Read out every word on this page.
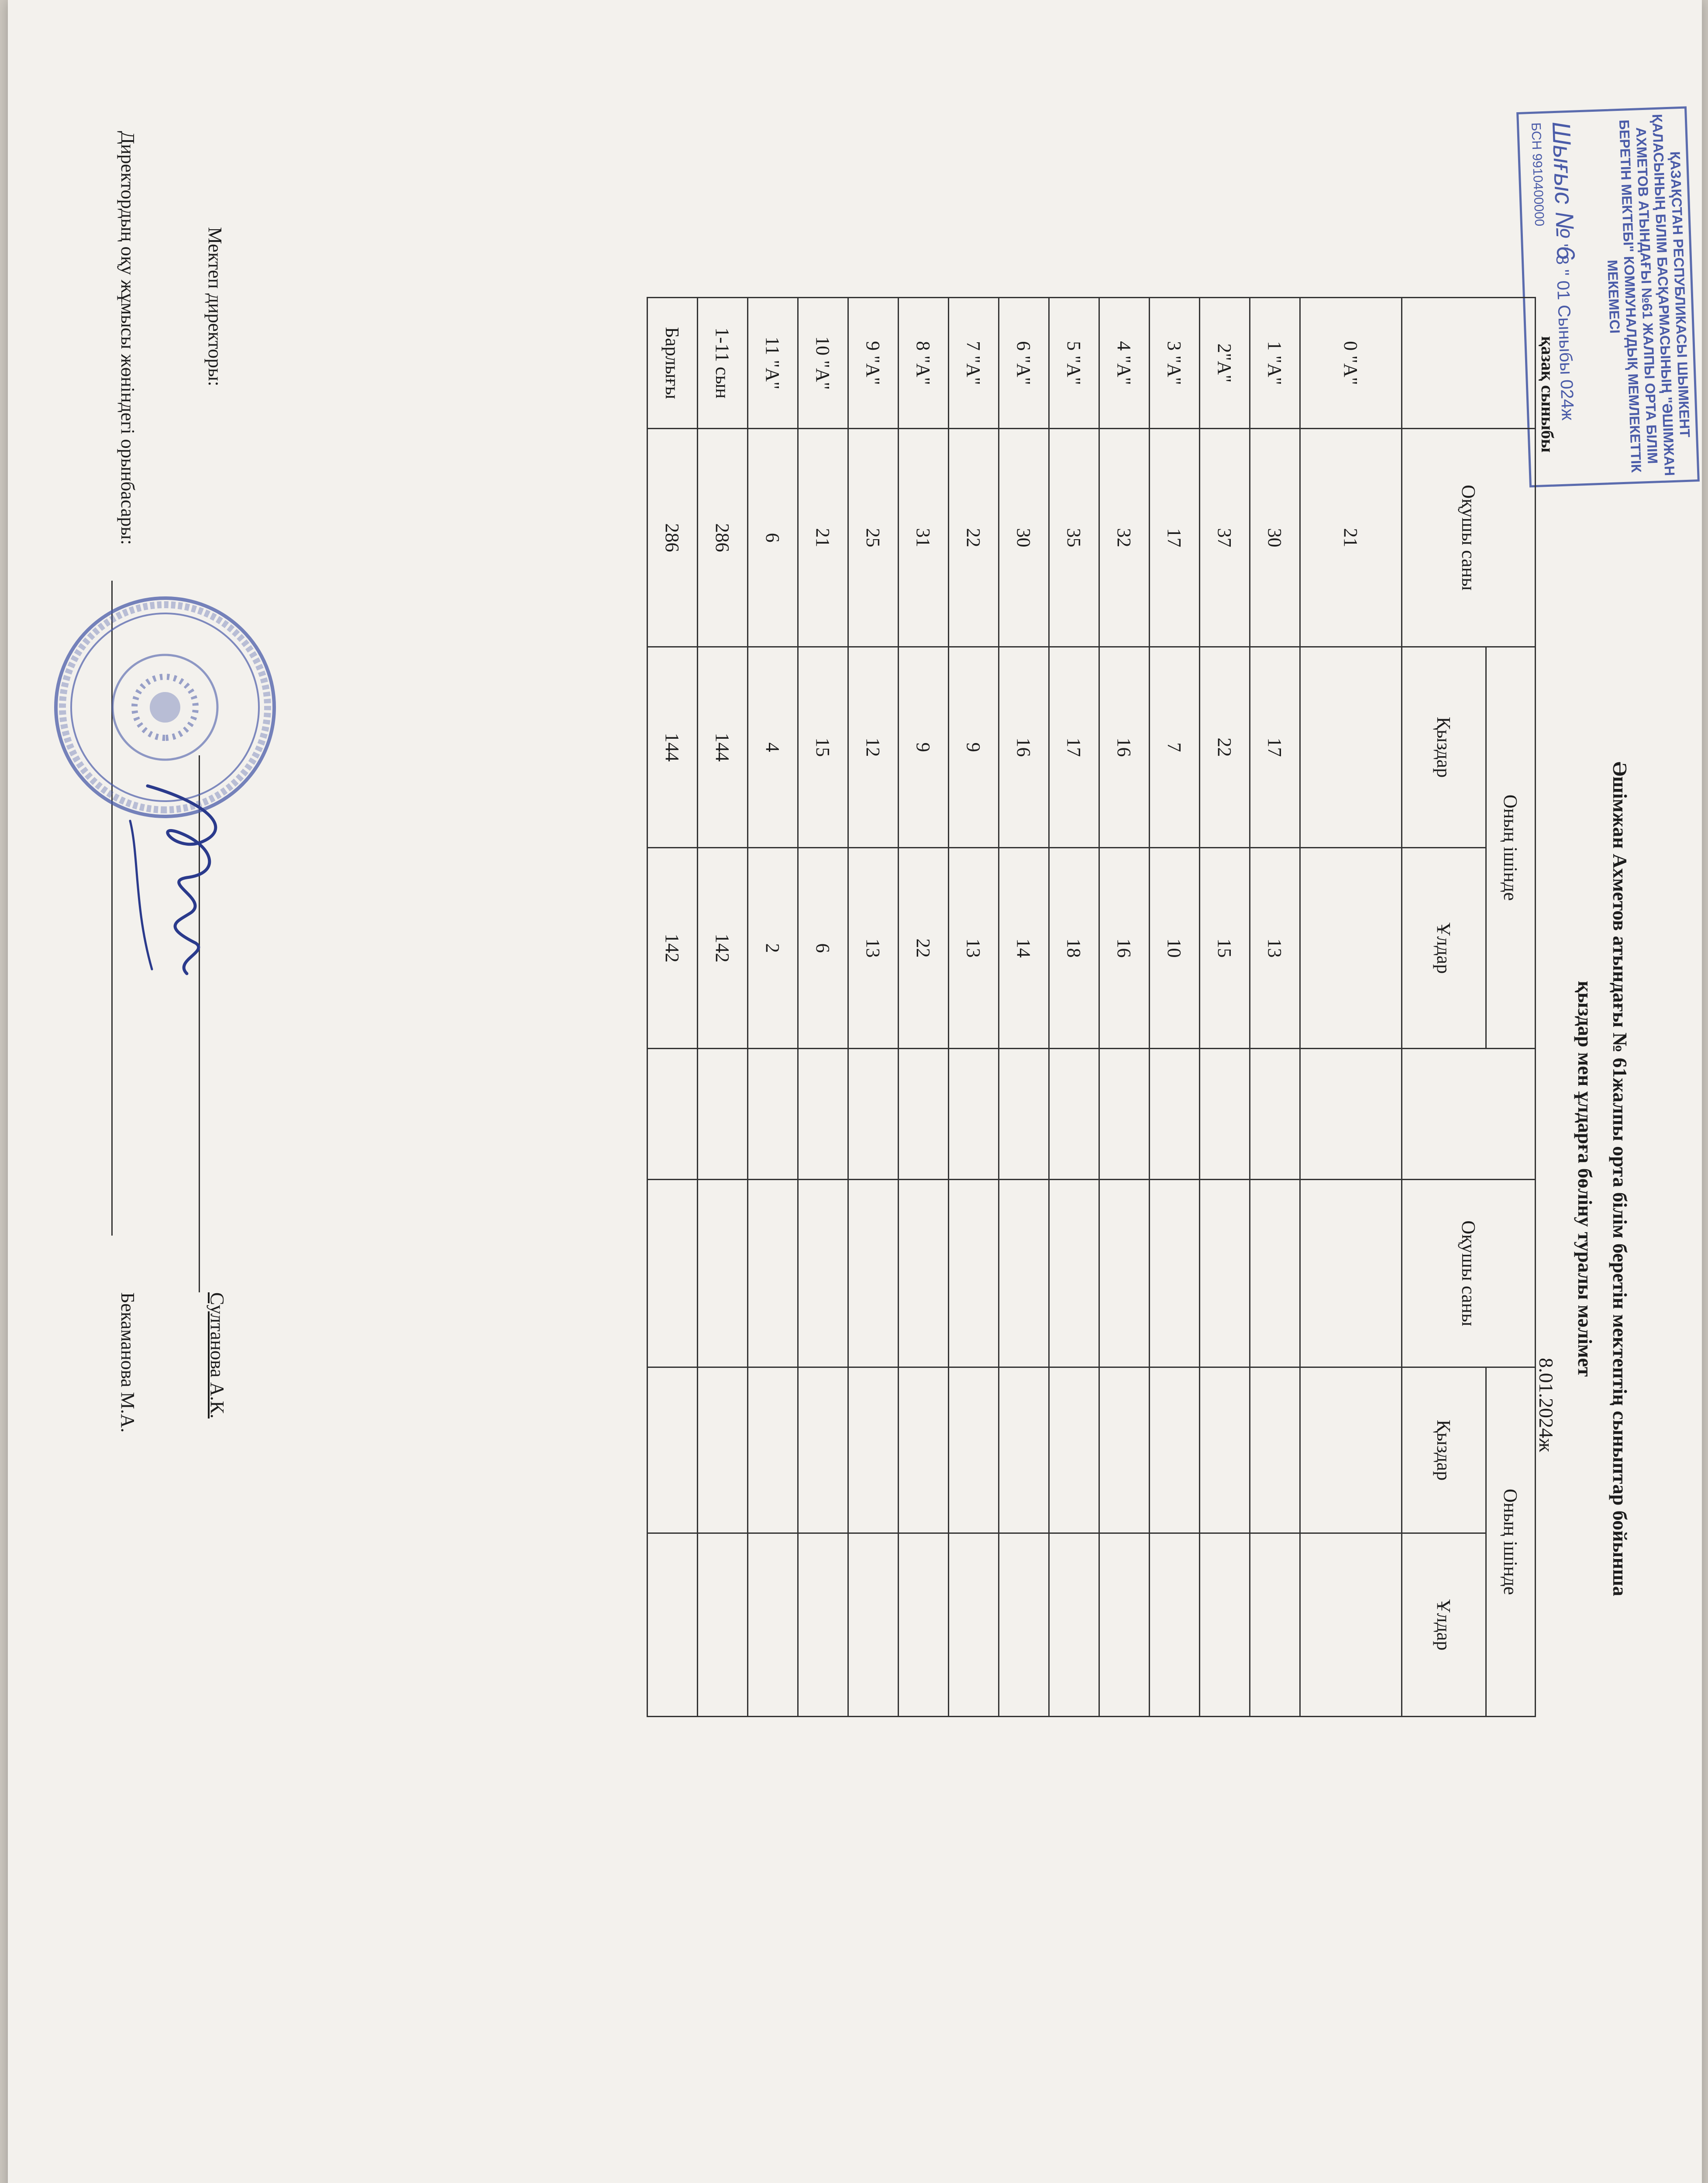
ҚАЗАҚСТАН РЕСПУБЛИКАСЫ ШЫМКЕНТ ҚАЛАСЫНЫҢ БІЛІМ БАСҚАРМАСЫНЫҢ "ӘШІМЖАН АХМЕТОВ АТЫНДАҒЫ №61 ЖАЛПЫ ОРТА БІЛІМ БЕРЕТІН МЕКТЕБІ" КОММУНАЛДЫҚ МЕМЛЕКЕТТІК МЕКЕМЕСІ
Шығыс № 6
" 8 " 01 Сыныбы 024ж
БСН 9910400000
Әшімжан Ахметов атындағы № 61жалпы орта білім беретін мектептің сыныптар бойынша
қыздар мен ұлдарға бөліну туралы мәлімет
қазақ сыныбы
8.01.2024ж
	Оқушы саны	Оның ішінде			Оқушы саны	Оның ішінде	
		Қыздар	Ұлдар			Қыздар	Ұлдар
0 "А"	21						
1 "А"	30	17	13				
2"А"	37	22	15				
3 "А"	17	7	10				
4 "А"	32	16	16				
5 "А"	35	17	18				
6 "А"	30	16	14				
7 "А"	22	9	13				
8 "А"	31	9	22				
9 "А"	25	12	13				
10 "А"	21	15	6				
11 "А"	6	4	2				
1-11 сын	286	144	142				
Барлығы	286	144	142				
Мектеп директоры:
Султанова А.К.
Директордың оқу жұмысы жөніндегі орынбасары:
Бекаманова М.А.
